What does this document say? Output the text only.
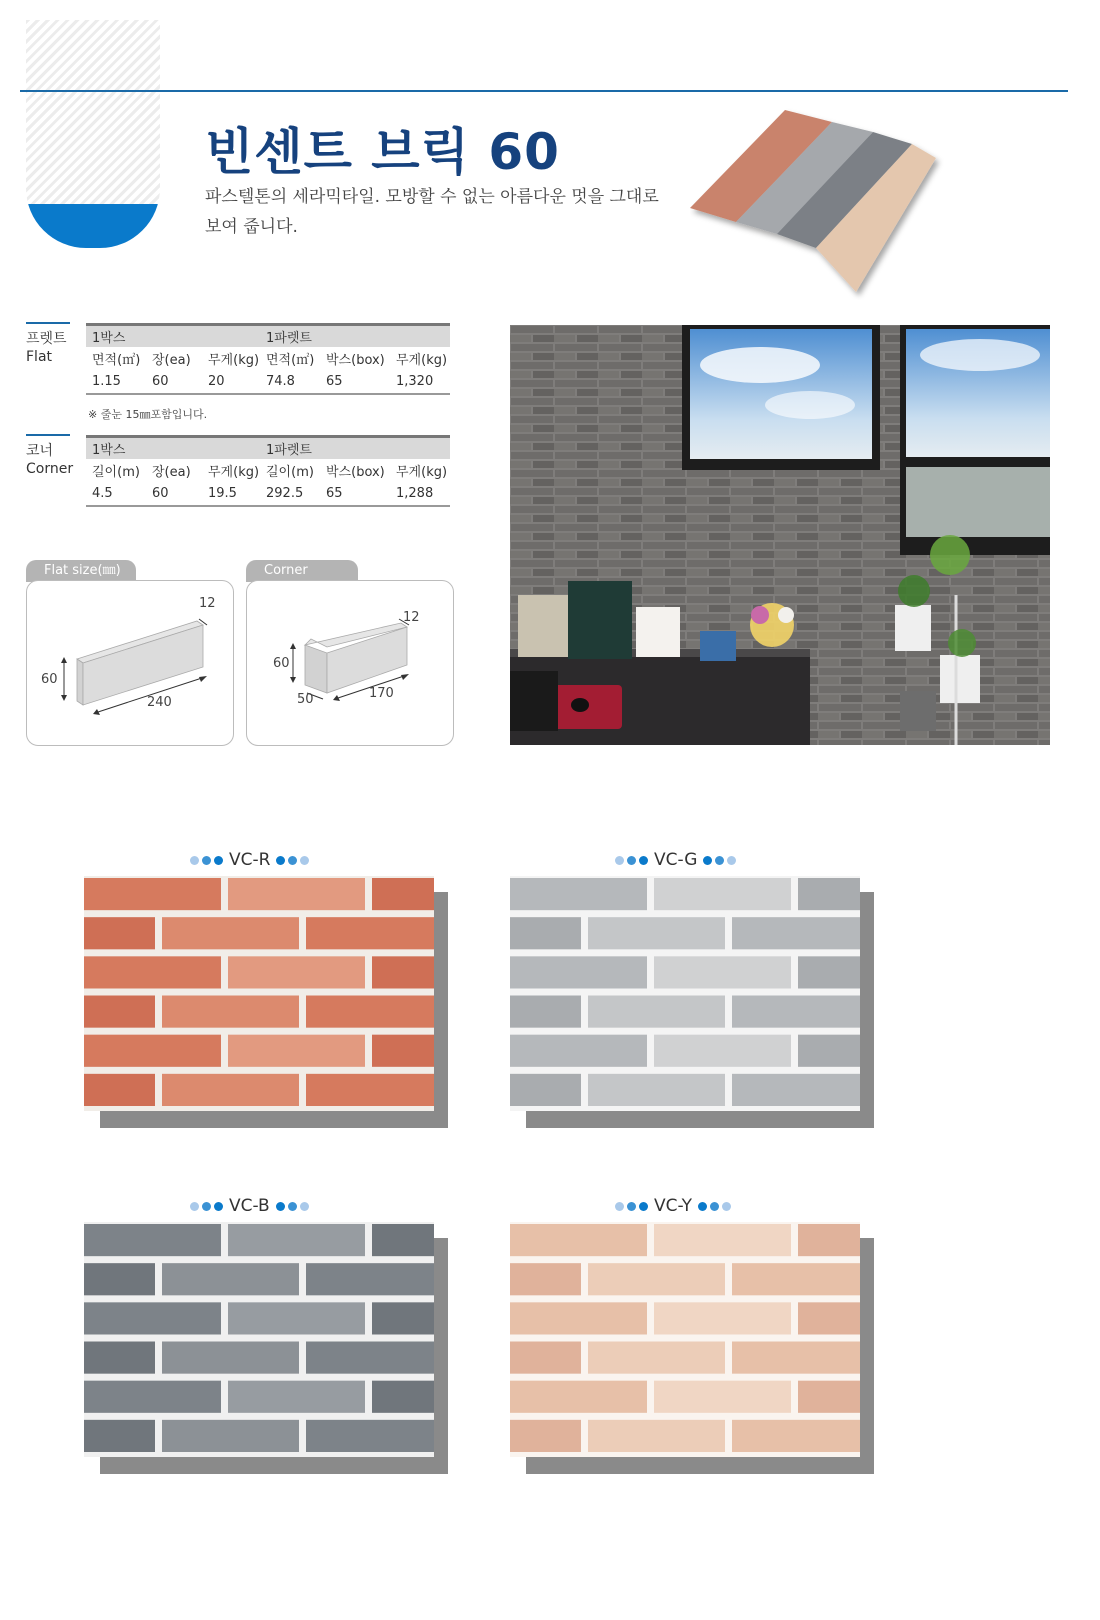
빈센트 브릭 60
파스텔톤의 세라믹타일. 모방할 수 없는 아름다운 멋을 그대로
보여 줍니다.
프렛트
Flat
1박스			1파렛트		
면적(㎡)	장(ea)	무게(kg)	면적(㎡)	박스(box)	무게(kg)
1.15	60	20	74.8	65	1,320
※ 줄눈 15㎜포함입니다.
코너
Corner
1박스			1파렛트		
길이(m)	장(ea)	무게(kg)	길이(m)	박스(box)	무게(kg)
4.5	60	19.5	292.5	65	1,288
Flat size(㎜)
60
240
12
Corner
60
50	170
12
VC-R	VC-G
VC-B	VC-Y
